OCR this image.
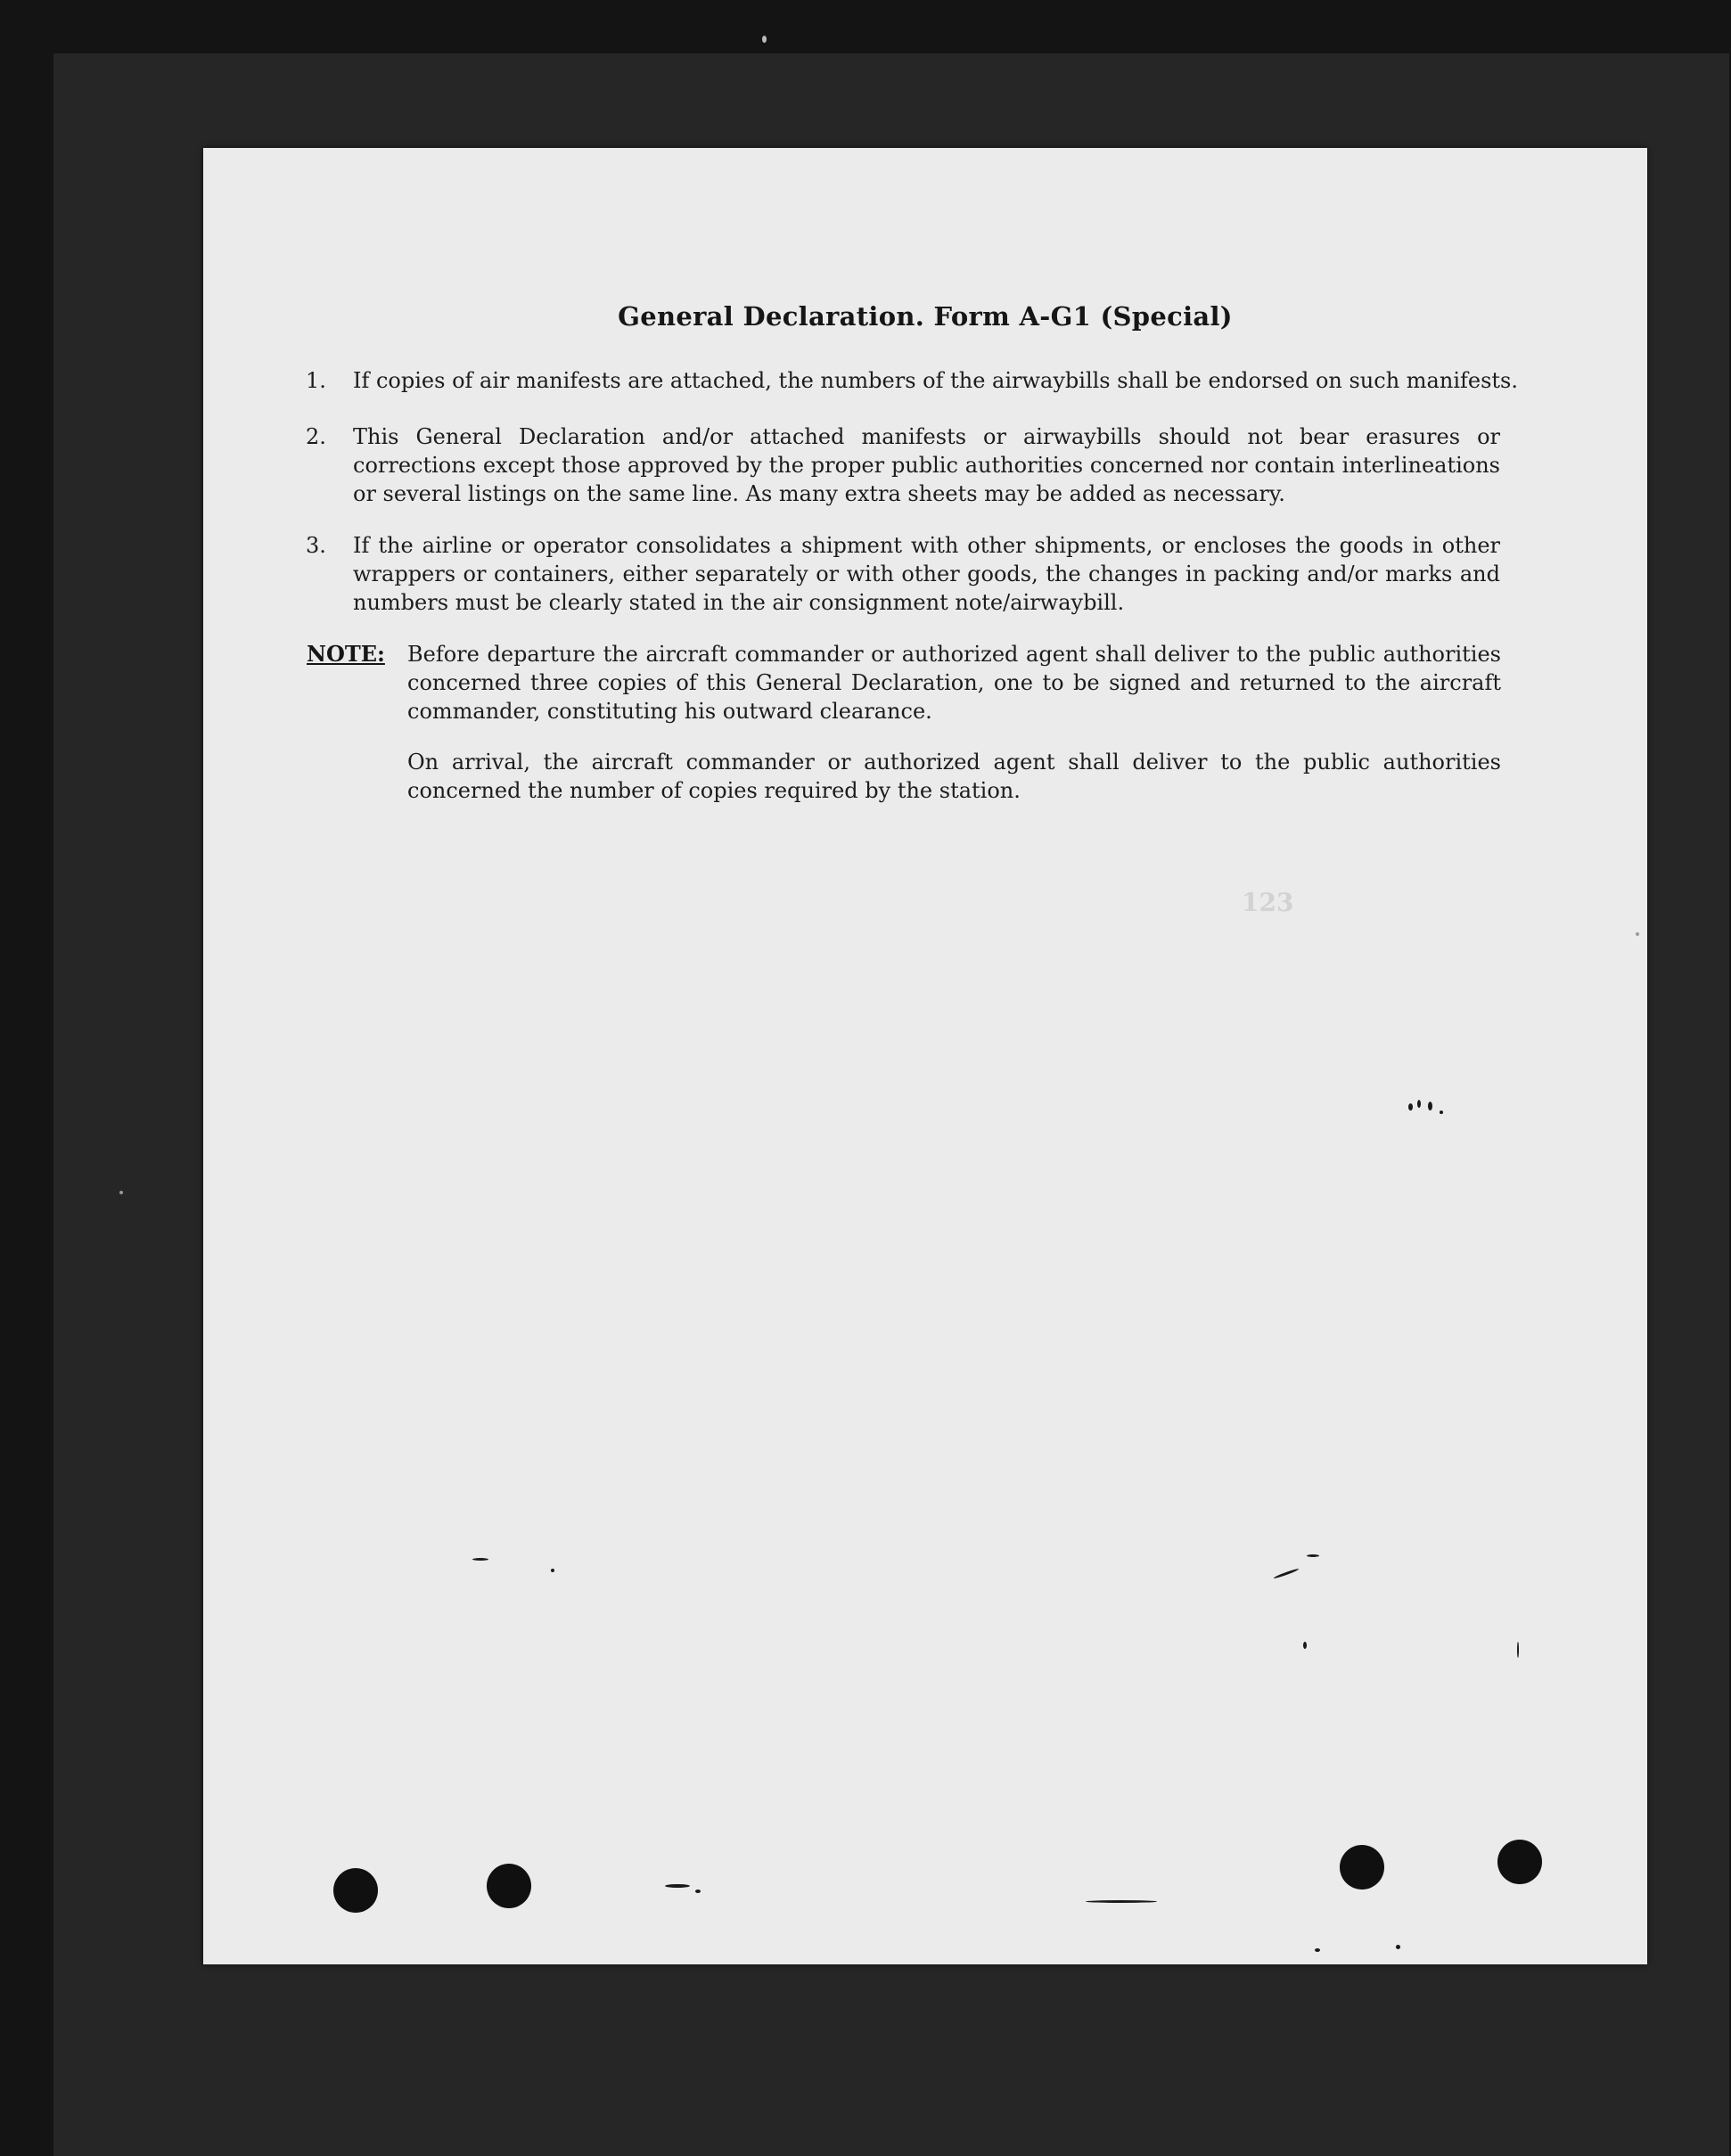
General Declaration. Form A-G1 (Special)
1.	If copies of air manifests are attached, the numbers of the airwaybills shall be endorsed on such manifests.
2.	This General Declaration and/or attached manifests or airwaybills should not bear erasures or corrections except those approved by the proper public authorities concerned nor contain interlineations or several listings on the same line. As many extra sheets may be added as necessary.
3.	If the airline or operator consolidates a shipment with other shipments, or encloses the goods in other wrappers or containers, either separately or with other goods, the changes in packing and/or marks and numbers must be clearly stated in the air consignment note/airwaybill.
NOTE: Before departure the aircraft commander or authorized agent shall deliver to the public authorities concerned three copies of this General Declaration, one to be signed and returned to the aircraft commander, constituting his outward clearance.
On arrival, the aircraft commander or authorized agent shall deliver to the public authorities concerned the number of copies required by the station.
123
